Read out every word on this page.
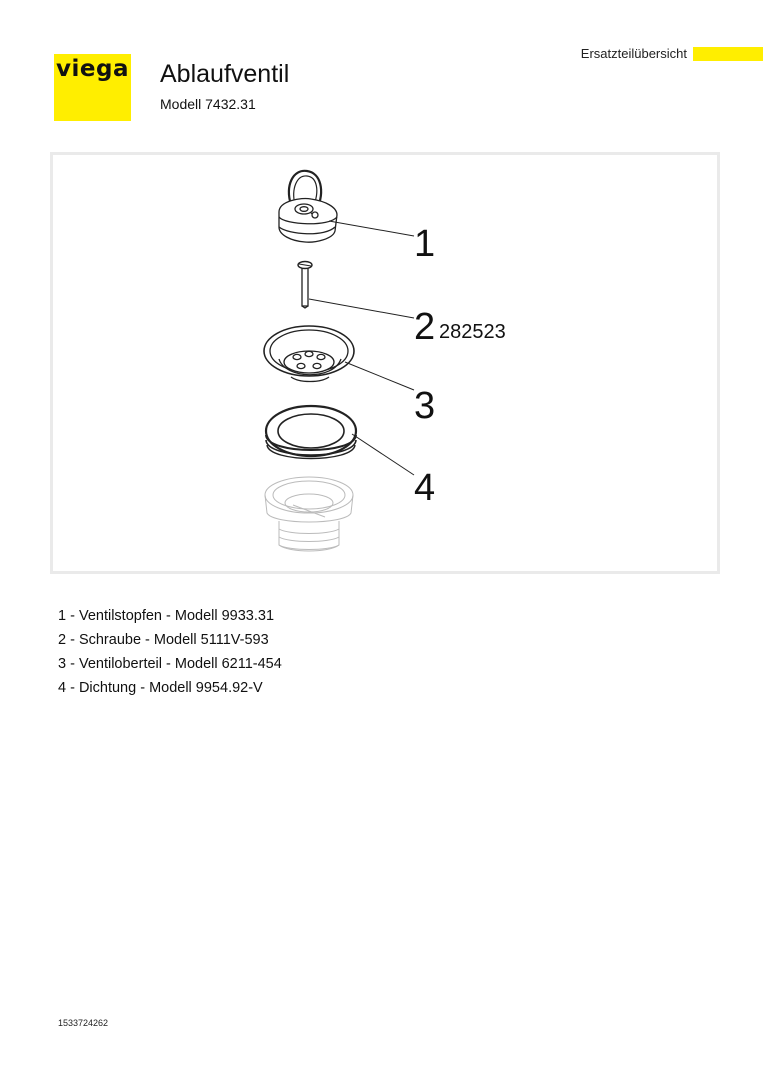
viega Ablaufventil
Modell 7432.31
Ersatzteilübersicht
1
2 282523
3
4
1 - Ventilstopfen - Modell 9933.31
2 - Schraube - Modell 5111V-593
3 - Ventiloberteil - Modell 6211-454
4 - Dichtung - Modell 9954.92-V
1533724262
